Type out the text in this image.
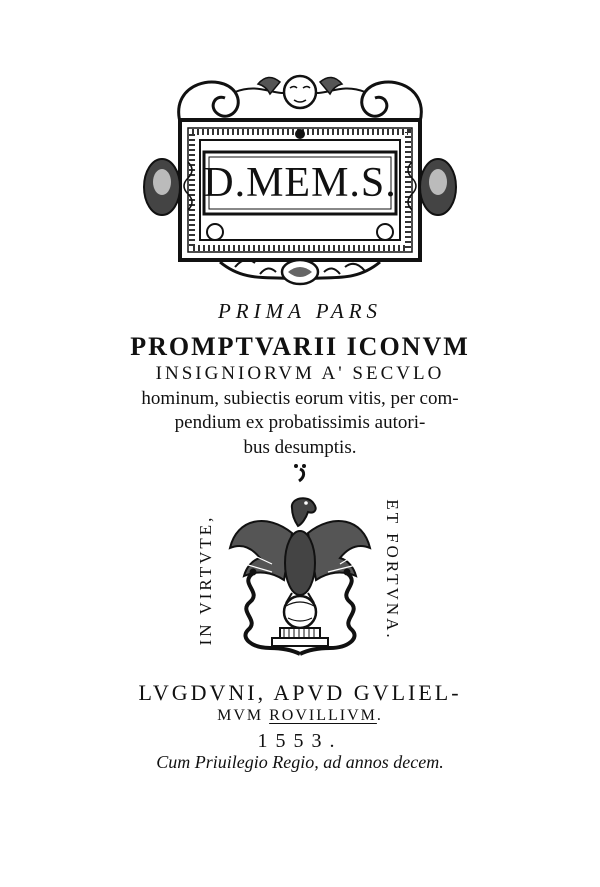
D.MEM.S.
PRIMA PARS
PROMPTVARII ICONVM
INSIGNIORVM A' SECVLO
hominum, subiectis eorum vitis, per com-
pendium ex probatissimis autori-
bus desumptis.
IN VIRTVTE,	ET FORTVNA.
LVGDVNI, APVD GVLIEL-
MVM ROVILLIVM.
1553.
Cum Priuilegio Regio, ad annos decem.
